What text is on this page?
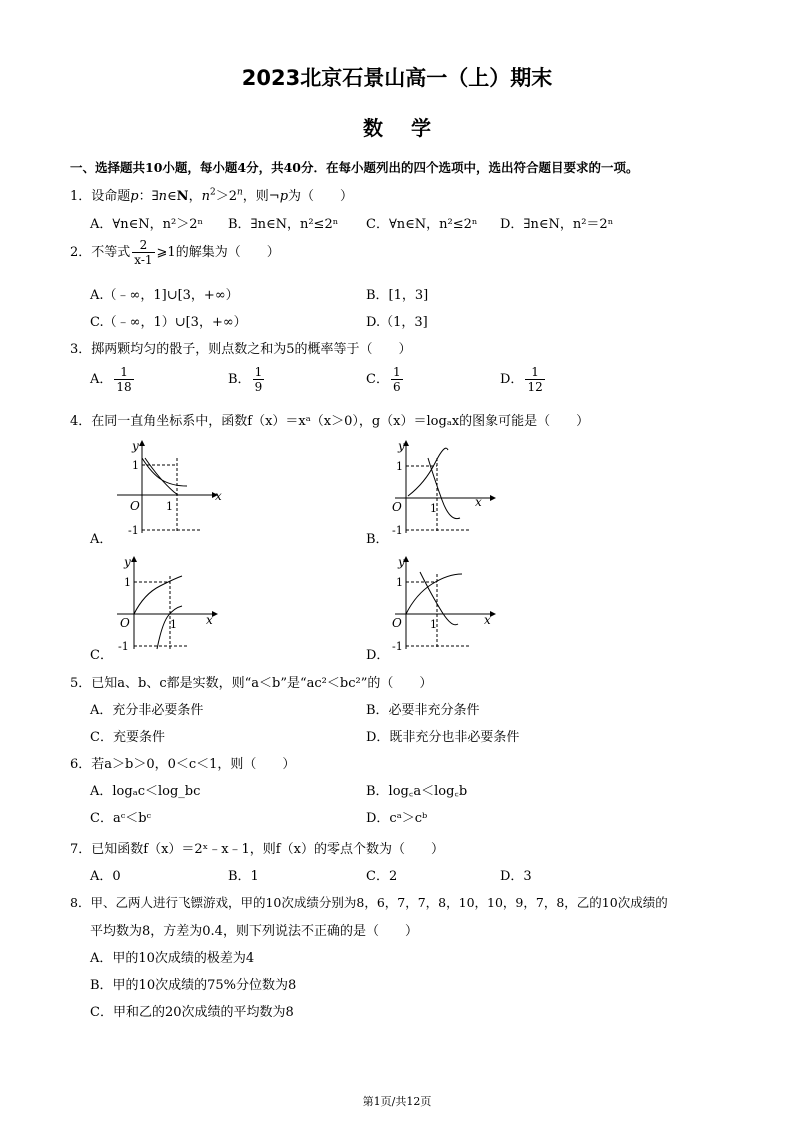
2023北京石景山高一（上）期末
数学
一、选择题共10小题，每小题4分，共40分．在每小题列出的四个选项中，选出符合题目要求的一项。
1．设命题p：∃n∈N，$n^2>2^n$，则¬p为（　　）
A．∀n∈N，n²＞2ⁿ B．∃n∈N，n²≤2ⁿ C．∀n∈N，n²≤2ⁿ D．∃n∈N，n²＝2ⁿ
2．不等式 $\frac{2}{x-1}$ ⩾1的解集为（　　）
A.（﹣∞，1]∪[3，+∞）	B．[1，3]
C.（﹣∞，1）∪[3，+∞）	D.（1，3]
3．掷两颗均匀的骰子，则点数之和为5的概率等于（　　）
A． $\frac{1}{18}$	B． $\frac{1}{9}$	C． $\frac{1}{6}$	D． $\frac{1}{12}$
4．在同一直角坐标系中，函数f（x）＝xᵃ（x＞0），g（x）＝logₐx的图象可能是（　　）
A．	B．
C．	D．
x
y
O
1
1
-1
x
y
O
1
1
-1
x
y
O
1
1
-1
x
y
O
1
1
-1
5．已知a、b、c都是实数，则“a＜b”是“ac²＜bc²”的（　　）
A．充分非必要条件	B．必要非充分条件
C．充要条件	D．既非充分也非必要条件
6．若a＞b＞0，0＜c＜1，则（　　）
A．logₐc＜log_bc	B．log꜀a＜log꜀b
C．aᶜ＜bᶜ	D．cᵃ＞cᵇ
7．已知函数f（x）＝2ˣ﹣x﹣1，则f（x）的零点个数为（　　）
A．0	B．1	C．2	D．3
8．甲、乙两人进行飞镖游戏，甲的10次成绩分别为8，6，7，7，8，10，10，9，7，8，乙的10次成绩的
平均数为8，方差为0.4，则下列说法不正确的是（　　）
A．甲的10次成绩的极差为4
B．甲的10次成绩的75%分位数为8
C．甲和乙的20次成绩的平均数为8
第1页/共12页
